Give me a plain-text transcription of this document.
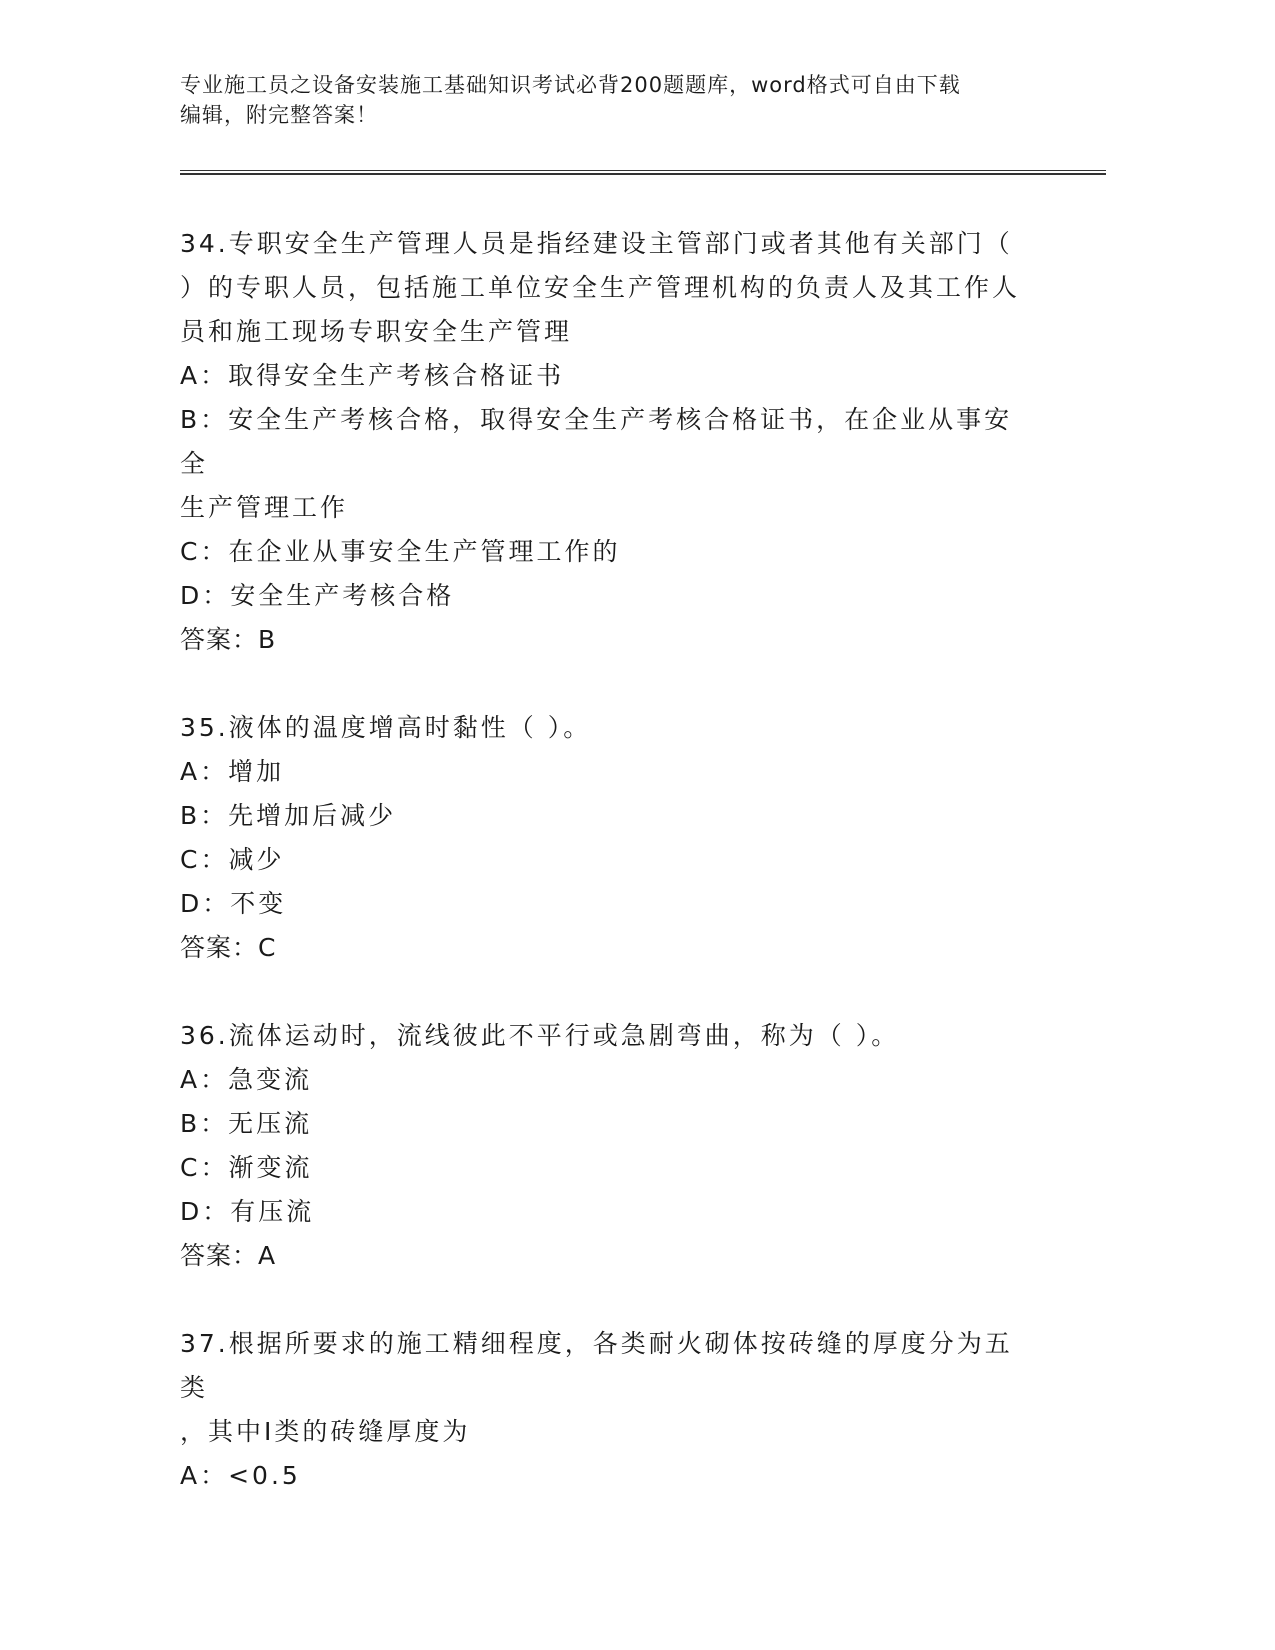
专业施工员之设备安装施工基础知识考试必背200题题库，word格式可自由下载
编辑，附完整答案！
34.专职安全生产管理人员是指经建设主管部门或者其他有关部门（
）的专职人员，包括施工单位安全生产管理机构的负责人及其工作人
员和施工现场专职安全生产管理
A：取得安全生产考核合格证书
B：安全生产考核合格，取得安全生产考核合格证书，在企业从事安全
生产管理工作
C：在企业从事安全生产管理工作的
D：安全生产考核合格
答案：B
35.液体的温度增高时黏性（ ）。
A：增加
B：先增加后减少
C：减少
D：不变
答案：C
36.流体运动时，流线彼此不平行或急剧弯曲，称为（ ）。
A：急变流
B：无压流
C：渐变流
D：有压流
答案：A
37.根据所要求的施工精细程度，各类耐火砌体按砖缝的厚度分为五类
，其中Ⅰ类的砖缝厚度为
A：<0.5
